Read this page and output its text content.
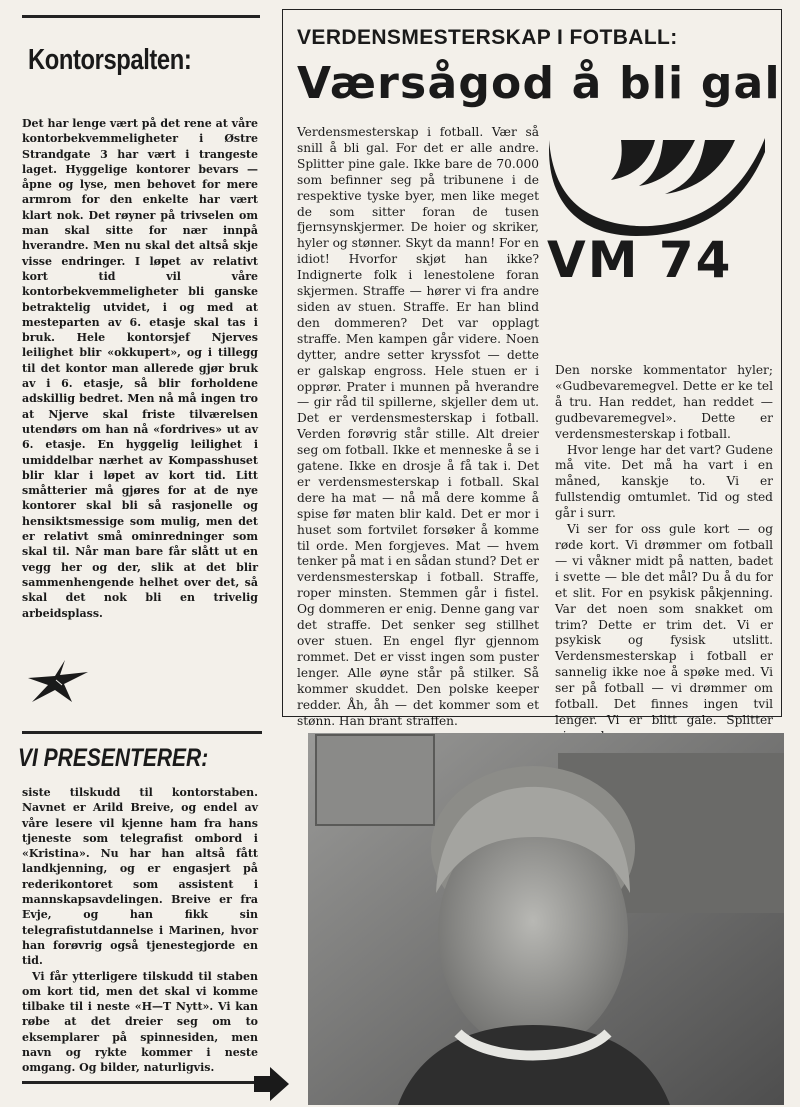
Kontorspalten:

Det har lenge vært på det rene at våre kontorbekvemmeligheter i Østre Strandgate 3 har vært i trangeste laget. Hyggelige kontorer bevars — åpne og lyse, men behovet for mere armrom for den enkelte har vært klart nok. Det røyner på trivselen om man skal sitte for nær innpå hverandre. Men nu skal det altså skje visse endringer. I løpet av relativt kort tid vil våre kontorbekvemmeligheter bli ganske betraktelig utvidet, i og med at mesteparten av 6. etasje skal tas i bruk. Hele kontorsjef Njerves leilighet blir «okkupert», og i tillegg til det kontor man allerede gjør bruk av i 6. etasje, så blir forholdene adskillig bedret. Men nå må ingen tro at Njerve skal friste tilværelsen utendørs om han nå «fordrives» ut av 6. etasje. En hyggelig leilighet i umiddelbar nærhet av Kompasshuset blir klar i løpet av kort tid. Litt småtterier må gjøres for at de nye kontorer skal bli så rasjonelle og hensiktsmessige som mulig, men det er relativt små ominredninger som skal til. Når man bare får slått ut en vegg her og der, slik at det blir sammenhengende helhet over det, så skal det nok bli en trivelig arbeidsplass.

VERDENSMESTERSKAP I FOTBALL:
Værsågod å bli gal

Verdensmesterskap i fotball. Vær så snill å bli gal. For det er alle andre. Splitter pine gale. Ikke bare de 70.000 som befinner seg på tribunene i de respektive tyske byer, men like meget de som sitter foran de tusen fjernsynskjermer. De hoier og skriker, hyler og stønner. Skyt da mann! For en idiot! Hvorfor skjøt han ikke? Indignerte folk i lenestolene foran skjermen. Straffe — hører vi fra andre siden av stuen. Straffe. Er han blind den dommeren? Det var opplagt straffe. Men kampen går videre. Noen dytter, andre setter kryssfot — dette er galskap engross. Hele stuen er i opprør. Prater i munnen på hverandre — gir råd til spillerne, skjeller dem ut. Det er verdensmesterskap i fotball. Verden forøvrig står stille. Alt dreier seg om fotball. Ikke et menneske å se i gatene. Ikke en drosje å få tak i. Det er verdensmesterskap i fotball. Skal dere ha mat — nå må dere komme å spise før maten blir kald. Det er mor i huset som fortvilet forsøker å komme til orde. Men forgjeves. Mat — hvem tenker på mat i en sådan stund? Det er verdensmesterskap i fotball. Straffe, roper minsten. Stemmen går i fistel. Og dommeren er enig. Denne gang var det straffe. Det senker seg stillhet over stuen. En engel flyr gjennom rommet. Det er visst ingen som puster lenger. Alle øyne står på stilker. Så kommer skuddet. Den polske keeper redder. Åh, åh — det kommer som et stønn. Han brant straffen.

VM 74

Den norske kommentator hyler; «Gudbevaremegvel. Dette er ke tel å tru. Han reddet, han reddet — gudbevaremegvel». Dette er verdensmesterskap i fotball.

Hvor lenge har det vart? Gudene må vite. Det må ha vart i en måned, kanskje to. Vi er fullstendig omtumlet. Tid og sted går i surr.

Vi ser for oss gule kort — og røde kort. Vi drømmer om fotball — vi våkner midt på natten, badet i svette — ble det mål? Du å du for et slit. For en psykisk påkjenning. Var det noen som snakket om trim? Dette er trim det. Vi er psykisk og fysisk utslitt. Verdensmesterskap i fotball er sannelig ikke noe å spøke med. Vi ser på fotball — vi drømmer om fotball. Det finnes ingen tvil lenger. Vi er blitt gale. Splitter

VI PRESENTERER:

siste tilskudd til kontorstaben. Navnet er Arild Breive, og endel av våre lesere vil kjenne ham fra hans tjeneste som telegrafist ombord i «Kristina». Nu har han altså fått landkjenning, og er engasjert på rederikontoret som assistent i mannskapsavdelingen. Breive er fra Evje, og han fikk sin telegrafistutdannelse i Marinen, hvor han forøvrig også tjenestegjorde en tid.

Vi får ytterligere tilskudd til staben om kort tid, men det skal vi komme tilbake til i neste «H—T Nytt». Vi kan røbe at det dreier seg om to eksemplarer på spinnesiden, men navn og rykte kommer i neste omgang. Og bilder, naturligvis.
